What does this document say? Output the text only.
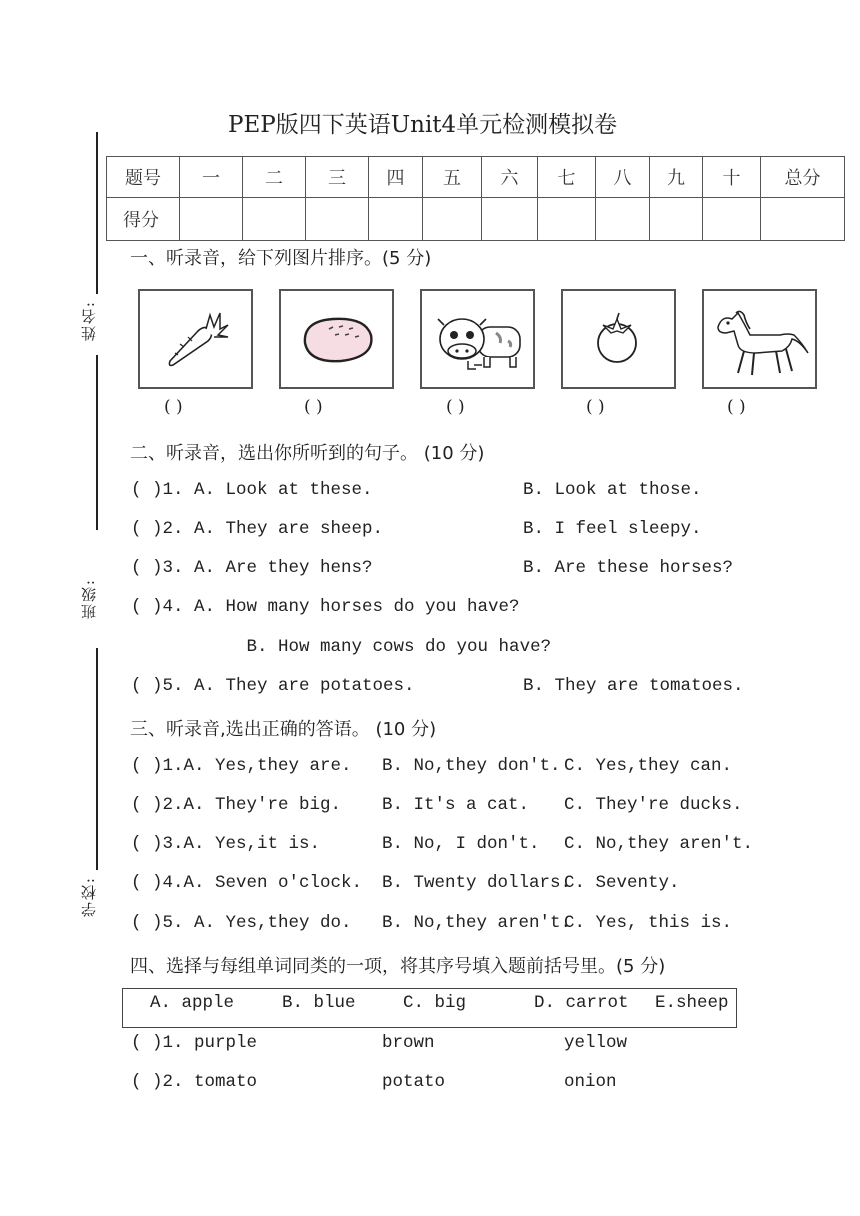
姓名:
班级:
学校:
PEP版四下英语Unit4单元检测模拟卷
题号	一	二	三	四	五	六	七	八	九	十	总分
得分											
一、听录音，给下列图片排序。(5 分)
( )	( )	( )	( )	( )
二、听录音，选出你所听到的句子。 (10 分)
( )1. A. Look at these.	B. Look at those.
( )2. A. They are sheep.	B. I feel sleepy.
( )3. A. Are they hens?	B. Are these horses?
( )4. A. How many horses do you have?
B. How many cows do you have?
( )5. A. They are potatoes.	B. They are tomatoes.
三、听录音,选出正确的答语。 (10 分)
( )1.A. Yes,they are. B. No,they don't. C. Yes,they can.
( )2.A. They're big. B. It's a cat. C. They're ducks.
( )3.A. Yes,it is.	B. No, I don't. C. No,they aren't.
( )4.A. Seven o'clock. B. Twenty dollars.
C. Seventy.
( )5. A. Yes,they do. B. No,they aren't.
C. Yes, this is.
四、选择与每组单词同类的一项，将其序号填入题前括号里。(5 分)
A. apple	B. blue	C. big	D. carrot E.sheep
( )1. purple	brown	yellow
( )2. tomato	potato	onion
